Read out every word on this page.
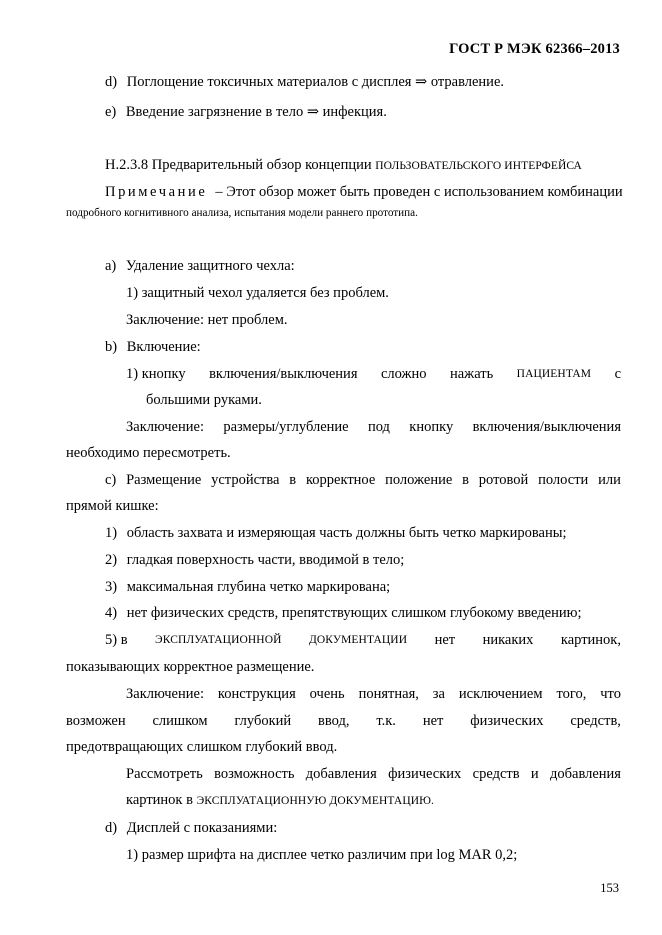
ГОСТ Р МЭК 62366–2013
d) Поглощение токсичных материалов с дисплея ⇒ отравление.
e) Введение загрязнение в тело ⇒ инфекция.
H.2.3.8 Предварительный обзор концепции ПОЛЬЗОВАТЕЛЬСКОГО ИНТЕРФЕЙСА
Примечание – Этот обзор может быть проведен с использованием комбинации
подробного когнитивного анализа, испытания модели раннего прототипа.
a) Удаление защитного чехла:
1) защитный чехол удаляется без проблем.
Заключение: нет проблем.
b) Включение:
1) кнопку включения/выключения сложно нажать ПАЦИЕНТАМ с
большими руками.
Заключение: размеры/углубление под кнопку включения/выключения
необходимо пересмотреть.
c) Размещение устройства в корректное положение в ротовой полости или
прямой кишке:
1) область захвата и измеряющая часть должны быть четко маркированы;
2) гладкая поверхность части, вводимой в тело;
3) максимальная глубина четко маркирована;
4) нет физических средств, препятствующих слишком глубокому введению;
5) в ЭКСПЛУАТАЦИОННОЙ ДОКУМЕНТАЦИИ нет никаких картинок,
показывающих корректное размещение.
Заключение: конструкция очень понятная, за исключением того, что
возможен слишком глубокий ввод, т.к. нет физических средств,
предотвращающих слишком глубокий ввод.
Рассмотреть возможность добавления физических средств и добавления
картинок в ЭКСПЛУАТАЦИОННУЮ ДОКУМЕНТАЦИЮ.
d) Дисплей с показаниями:
1) размер шрифта на дисплее четко различим при log MAR 0,2;
153
